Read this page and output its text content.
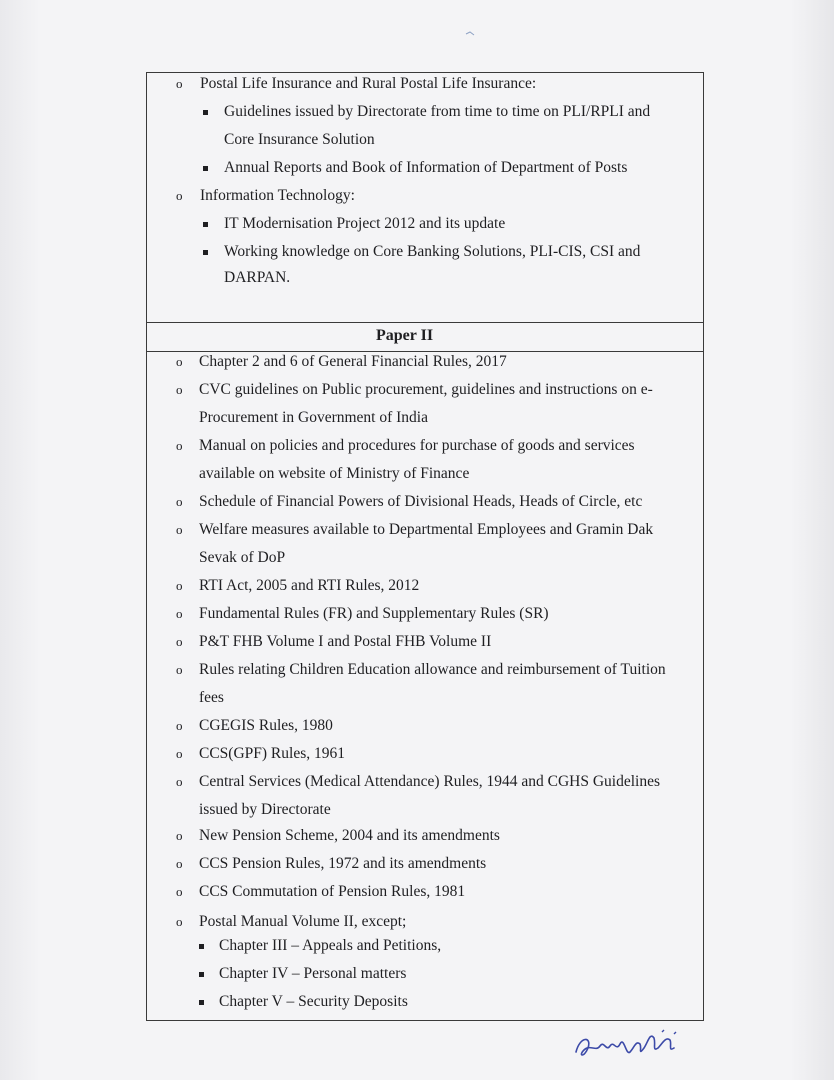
o Postal Life Insurance and Rural Postal Life Insurance:
Guidelines issued by Directorate from time to time on PLI/RPLI and
Core Insurance Solution
Annual Reports and Book of Information of Department of Posts
o Information Technology:
IT Modernisation Project 2012 and its update
Working knowledge on Core Banking Solutions, PLI-CIS, CSI and
DARPAN.
Paper II
o Chapter 2 and 6 of General Financial Rules, 2017
o CVC guidelines on Public procurement, guidelines and instructions on e-
Procurement in Government of India
o Manual on policies and procedures for purchase of goods and services
available on website of Ministry of Finance
o Schedule of Financial Powers of Divisional Heads, Heads of Circle, etc
o Welfare measures available to Departmental Employees and Gramin Dak
Sevak of DoP
o RTI Act, 2005 and RTI Rules, 2012
o Fundamental Rules (FR) and Supplementary Rules (SR)
o P&T FHB Volume I and Postal FHB Volume II
o Rules relating Children Education allowance and reimbursement of Tuition
fees
o CGEGIS Rules, 1980
o CCS(GPF) Rules, 1961
o Central Services (Medical Attendance) Rules, 1944 and CGHS Guidelines
issued by Directorate
o New Pension Scheme, 2004 and its amendments
o CCS Pension Rules, 1972 and its amendments
o CCS Commutation of Pension Rules, 1981
o Postal Manual Volume II, except;
Chapter III – Appeals and Petitions,
Chapter IV – Personal matters
Chapter V – Security Deposits
